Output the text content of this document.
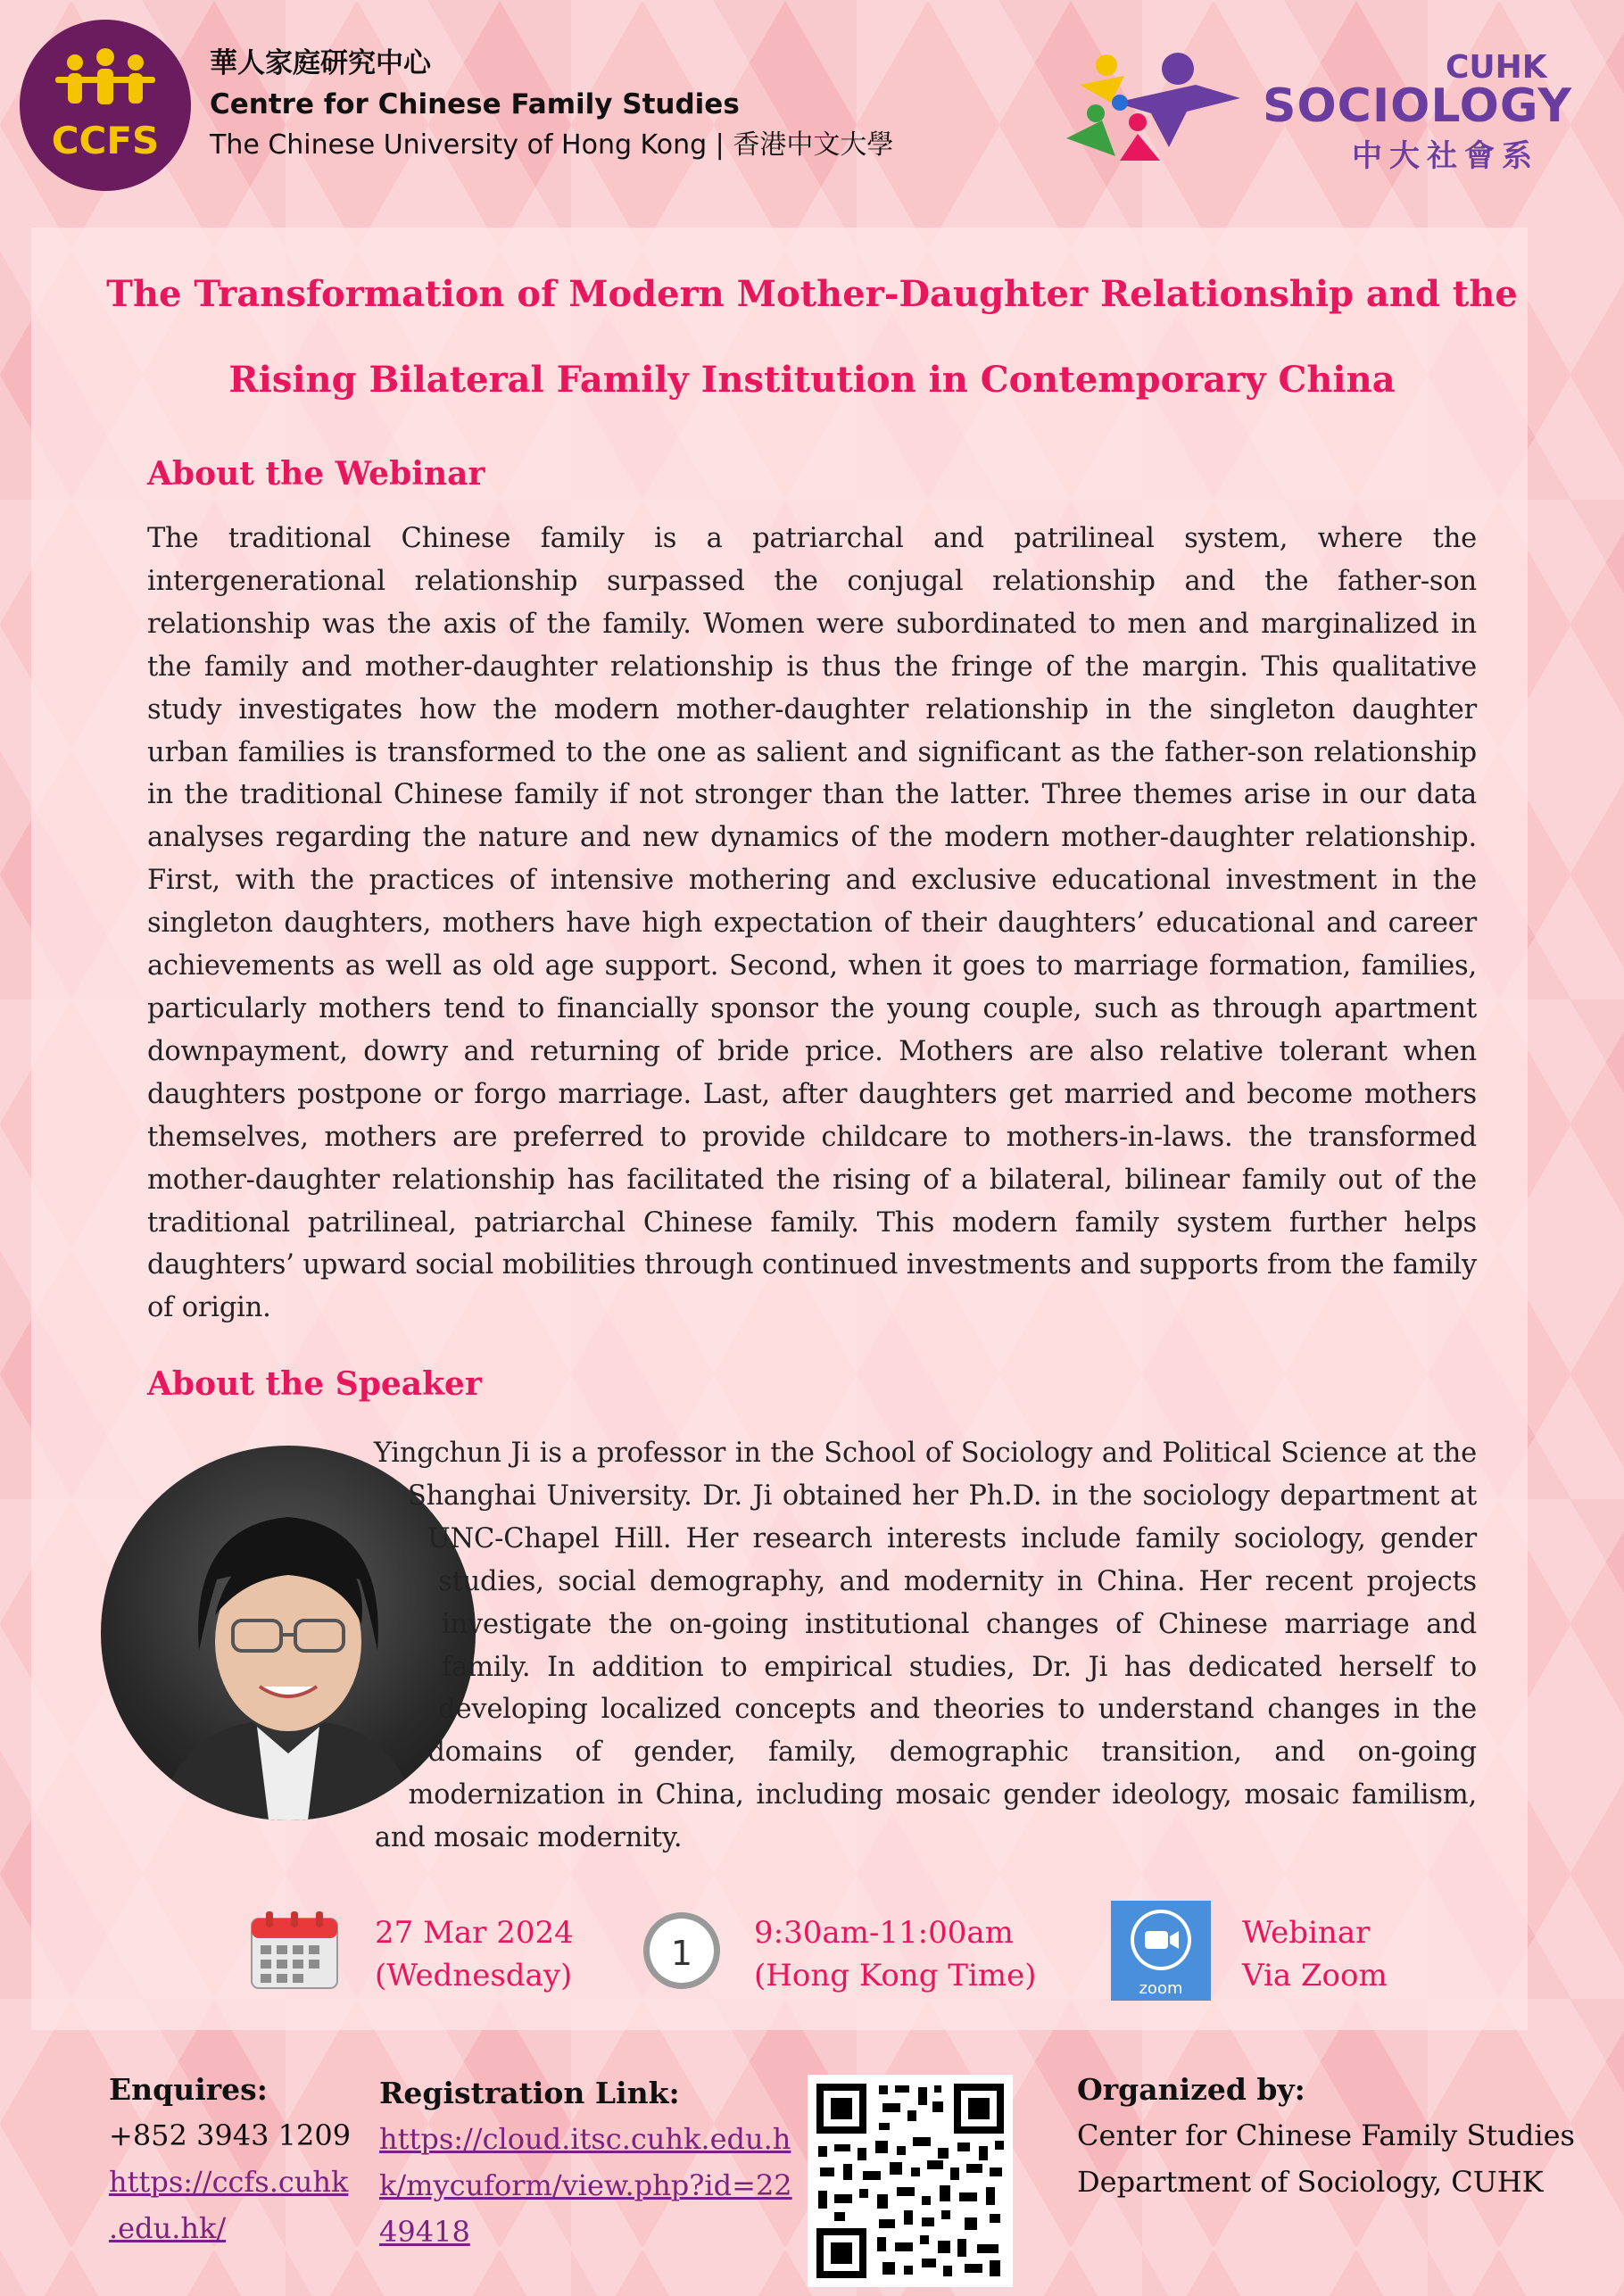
CCFS
華人家庭研究中心
Centre for Chinese Family Studies
The Chinese University of Hong Kong | 香港中文大學
CUHK
SOCIOLOGY
中大社會系
The Transformation of Modern Mother-Daughter Relationship and the
Rising Bilateral Family Institution in Contemporary China
About the Webinar
The traditional Chinese family is a patriarchal and patrilineal system, where the intergenerational relationship surpassed the conjugal relationship and the father-son relationship was the axis of the family. Women were subordinated to men and marginalized in the family and mother-daughter relationship is thus the fringe of the margin. This qualitative study investigates how the modern mother-daughter relationship in the singleton daughter urban families is transformed to the one as salient and significant as the father-son relationship in the traditional Chinese family if not stronger than the latter. Three themes arise in our data analyses regarding the nature and new dynamics of the modern mother-daughter relationship. First, with the practices of intensive mothering and exclusive educational investment in the singleton daughters, mothers have high expectation of their daughters’ educational and career achievements as well as old age support. Second, when it goes to marriage formation, families, particularly mothers tend to financially sponsor the young couple, such as through apartment downpayment, dowry and returning of bride price. Mothers are also relative tolerant when daughters postpone or forgo marriage. Last, after daughters get married and become mothers themselves, mothers are preferred to provide childcare to mothers-in-laws. the transformed mother-daughter relationship has facilitated the rising of a bilateral, bilinear family out of the traditional patrilineal, patriarchal Chinese family. This modern family system further helps daughters’ upward social mobilities through continued investments and supports from the family of origin.
About the Speaker
Yingchun Ji is a professor in the School of Sociology and Political Science at the Shanghai University. Dr. Ji obtained her Ph.D. in the sociology department at UNC-Chapel Hill. Her research interests include family sociology, gender studies, social demography, and modernity in China. Her recent projects investigate the on-going institutional changes of Chinese marriage and family. In addition to empirical studies, Dr. Ji has dedicated herself to developing localized concepts and theories to understand changes in the domains of gender, family, demographic transition, and on-going modernization in China, including mosaic gender ideology, mosaic familism, and mosaic modernity.
27 Mar 2024
(Wednesday)
1
9:30am-11:00am
(Hong Kong Time)	zoom
Webinar
Via Zoom
Enquires:
+852 3943 1209
https://ccfs.cuhk
.edu.hk/
Registration Link:
https://cloud.itsc.cuhk.edu.h
k/mycuform/view.php?id=22
49418
Organized by:
Center for Chinese Family Studies
Department of Sociology, CUHK
